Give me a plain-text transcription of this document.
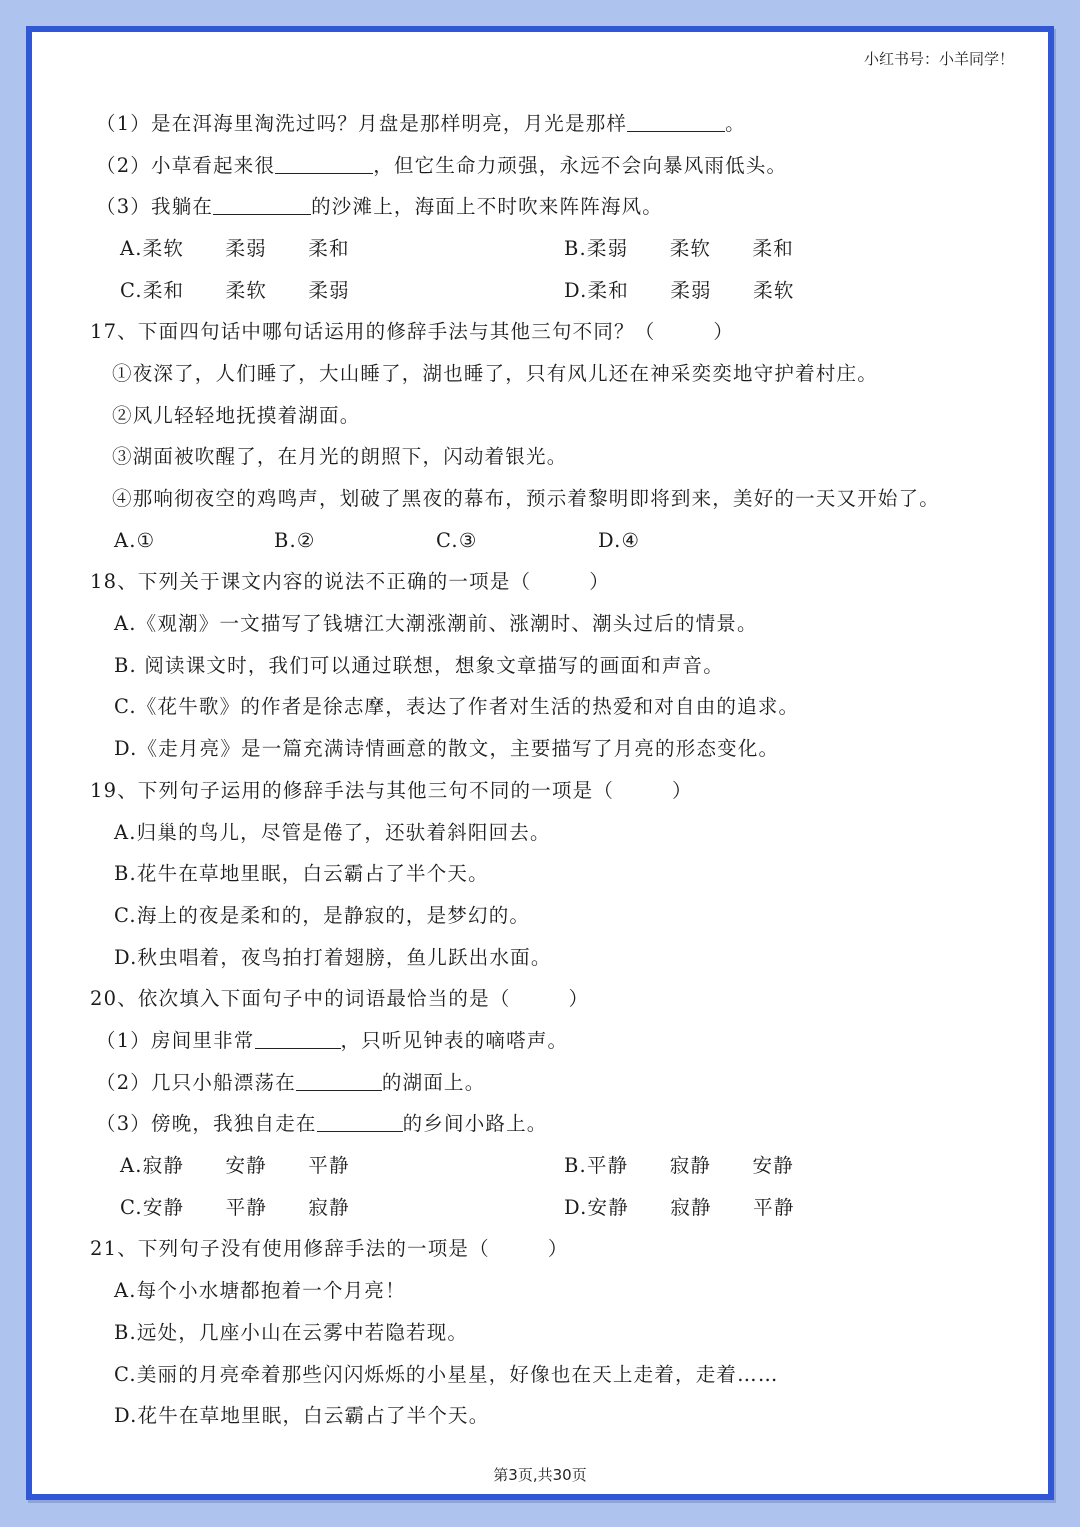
小红书号：小羊同学！
（1）是在洱海里淘洗过吗？月盘是那样明亮，月光是那样	。
（2）小草看起来很	，但它生命力顽强，永远不会向暴风雨低头。
（3）我躺在	的沙滩上，海面上不时吹来阵阵海风。
A.柔软　　柔弱　　柔和	B.柔弱　　柔软　　柔和
C.柔和　　柔软　　柔弱	D.柔和　　柔弱　　柔软
17、下面四句话中哪句话运用的修辞手法与其他三句不同？（	）
①夜深了，人们睡了，大山睡了，湖也睡了，只有风儿还在神采奕奕地守护着村庄。
②风儿轻轻地抚摸着湖面。
③湖面被吹醒了，在月光的朗照下，闪动着银光。
④那响彻夜空的鸡鸣声，划破了黑夜的幕布，预示着黎明即将到来，美好的一天又开始了。
A.①	B.②	C.③	D.④
18、下列关于课文内容的说法不正确的一项是（	）
A.《观潮》一文描写了钱塘江大潮涨潮前、涨潮时、潮头过后的情景。
B. 阅读课文时，我们可以通过联想，想象文章描写的画面和声音。
C.《花牛歌》的作者是徐志摩，表达了作者对生活的热爱和对自由的追求。
D.《走月亮》是一篇充满诗情画意的散文，主要描写了月亮的形态变化。
19、下列句子运用的修辞手法与其他三句不同的一项是（	）
A.归巢的鸟儿，尽管是倦了，还驮着斜阳回去。
B.花牛在草地里眠，白云霸占了半个天。
C.海上的夜是柔和的，是静寂的，是梦幻的。
D.秋虫唱着，夜鸟拍打着翅膀，鱼儿跃出水面。
20、依次填入下面句子中的词语最恰当的是（	）
（1）房间里非常	，只听见钟表的嘀嗒声。
（2）几只小船漂荡在	的湖面上。
（3）傍晚，我独自走在	的乡间小路上。
A.寂静　　安静　　平静	B.平静　　寂静　　安静
C.安静　　平静　　寂静	D.安静　　寂静　　平静
21、下列句子没有使用修辞手法的一项是（	）
A.每个小水塘都抱着一个月亮！
B.远处，几座小山在云雾中若隐若现。
C.美丽的月亮牵着那些闪闪烁烁的小星星，好像也在天上走着，走着……
D.花牛在草地里眠，白云霸占了半个天。
第3页,共30页
